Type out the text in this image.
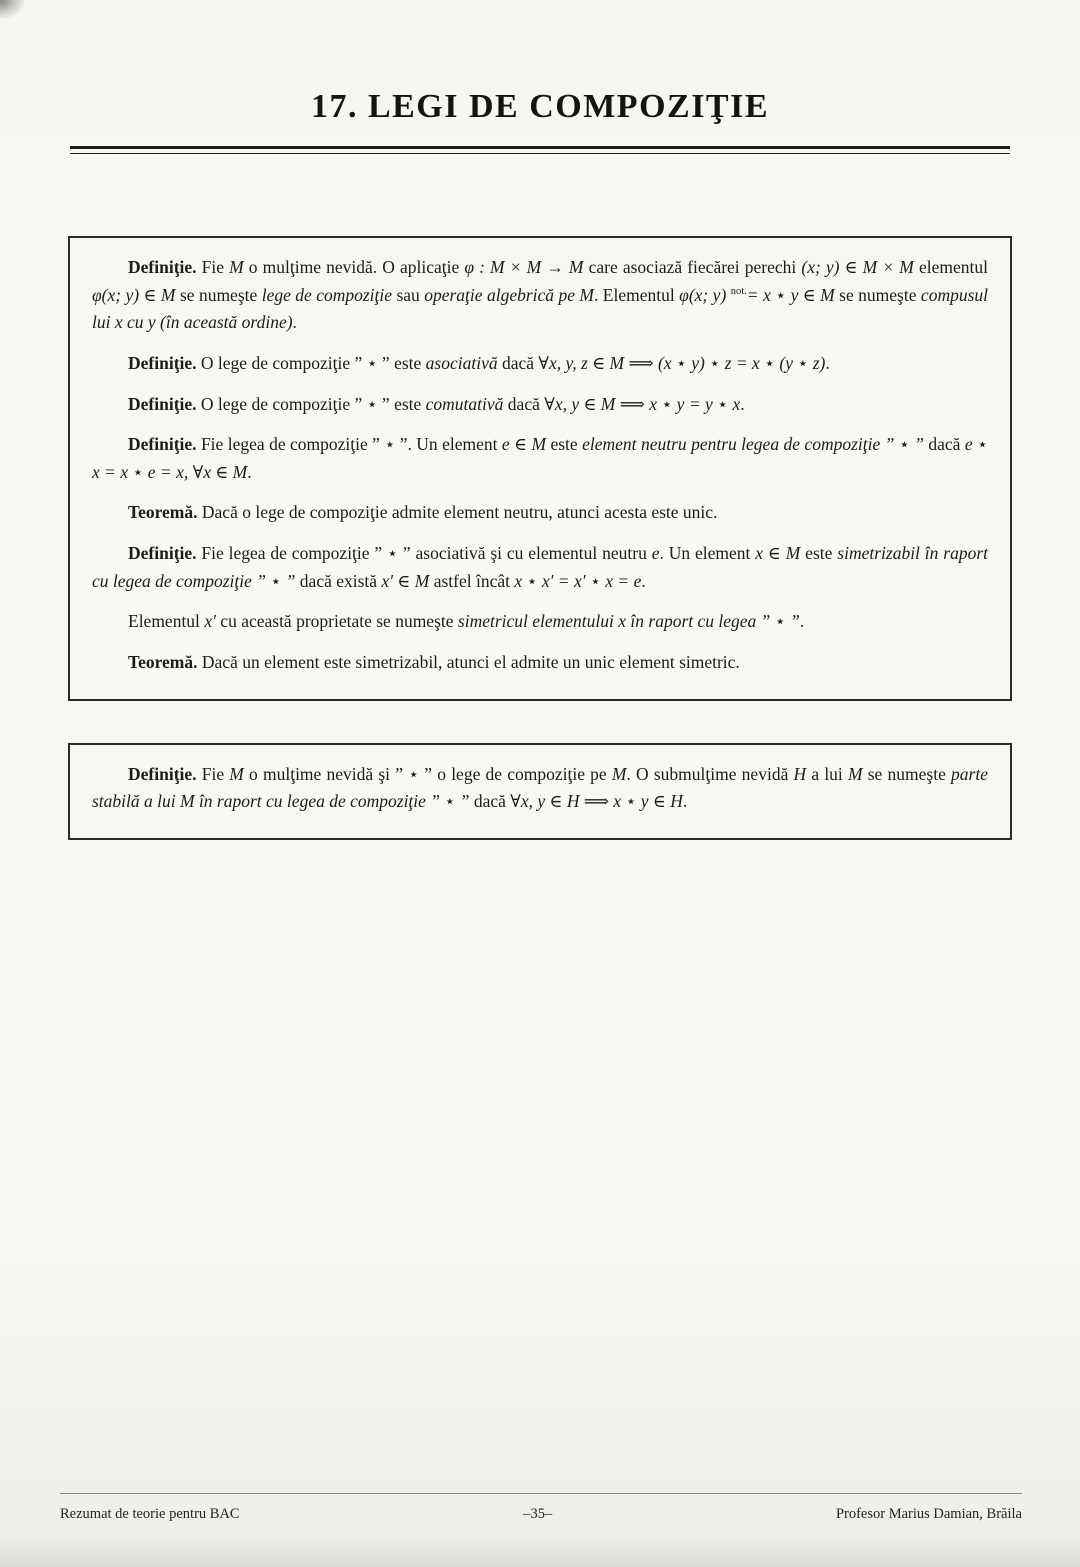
17. LEGI DE COMPOZIŢIE

Definiţie. Fie M o mulţime nevidă. O aplicaţie φ : M × M → M care asociază fiecărei perechi (x; y) ∈ M × M elementul φ(x; y) ∈ M se numeşte lege de compoziţie sau operaţie algebrică pe M. Elementul φ(x; y) $^{not.}$= x ⋆ y ∈ M se numeşte compusul lui x cu y (în această ordine).

Definiţie. O lege de compoziţie ” ⋆ ” este asociativă dacă ∀x, y, z ∈ M ⟹ (x ⋆ y) ⋆ z = x ⋆ (y ⋆ z).

Definiţie. O lege de compoziţie ” ⋆ ” este comutativă dacă ∀x, y ∈ M ⟹ x ⋆ y = y ⋆ x.

Definiţie. Fie legea de compoziţie ” ⋆ ”. Un element e ∈ M este element neutru pentru legea de compoziţie ” ⋆ ” dacă e ⋆ x = x ⋆ e = x, ∀x ∈ M.

Teoremă. Dacă o lege de compoziţie admite element neutru, atunci acesta este unic.

Definiţie. Fie legea de compoziţie ” ⋆ ” asociativă şi cu elementul neutru e. Un element x ∈ M este simetrizabil în raport cu legea de compoziţie ” ⋆ ” dacă există x′ ∈ M astfel încât x ⋆ x′ = x′ ⋆ x = e.

Elementul x′ cu această proprietate se numeşte simetricul elementului x în raport cu legea ” ⋆ ”.

Teoremă. Dacă un element este simetrizabil, atunci el admite un unic element simetric.

Definiţie. Fie M o mulţime nevidă şi ” ⋆ ” o lege de compoziţie pe M. O submulţime nevidă H a lui M se numeşte parte stabilă a lui M în raport cu legea de compoziţie ” ⋆ ” dacă ∀x, y ∈ H ⟹ x ⋆ y ∈ H.

Rezumat de teorie pentru BAC	–35–	Profesor Marius Damian, Brăila
